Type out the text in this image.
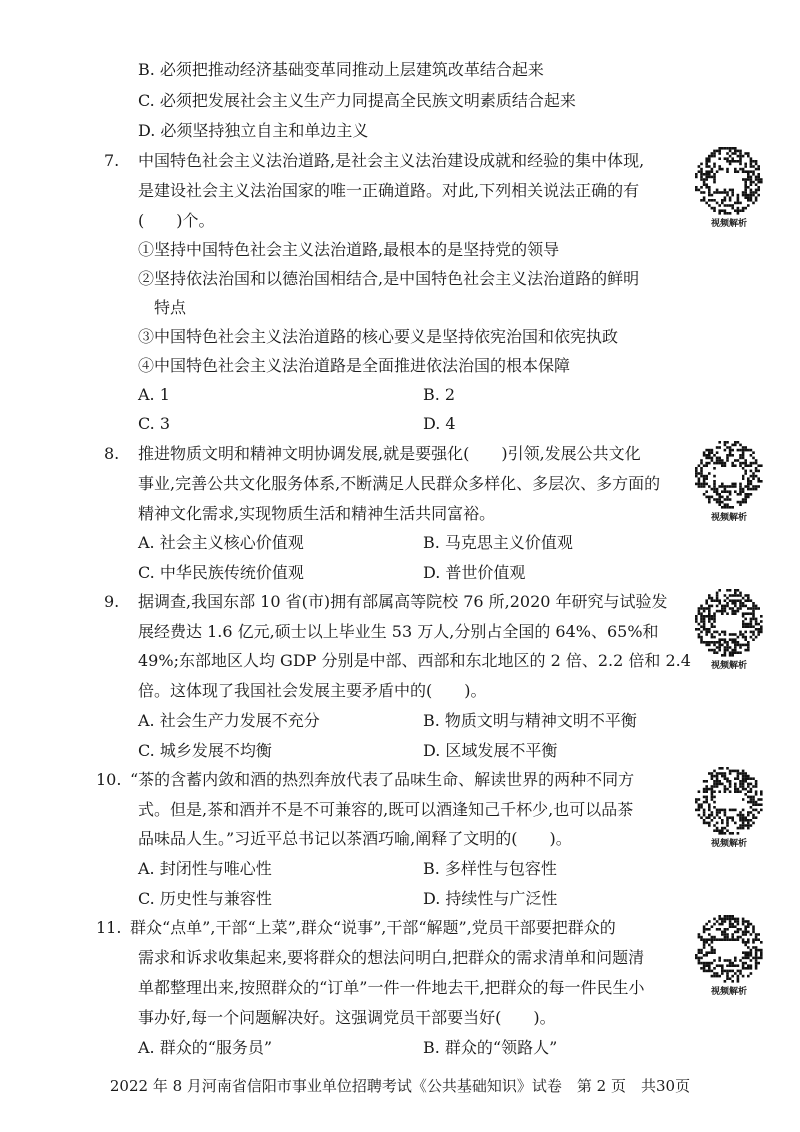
B. 必须把推动经济基础变革同推动上层建筑改革结合起来
C. 必须把发展社会主义生产力同提高全民族文明素质结合起来
D. 必须坚持独立自主和单边主义
7. 中国特色社会主义法治道路,是社会主义法治建设成就和经验的集中体现,
是建设社会主义法治国家的唯一正确道路。对此,下列相关说法正确的有
(　　)个。
①坚持中国特色社会主义法治道路,最根本的是坚持党的领导
②坚持依法治国和以德治国相结合,是中国特色社会主义法治道路的鲜明
特点
③中国特色社会主义法治道路的核心要义是坚持依宪治国和依宪执政
④中国特色社会主义法治道路是全面推进依法治国的根本保障
A. 1	B. 2
C. 3	D. 4
视频解析
8. 推进物质文明和精神文明协调发展,就是要强化(　　)引领,发展公共文化
事业,完善公共文化服务体系,不断满足人民群众多样化、多层次、多方面的
精神文化需求,实现物质生活和精神生活共同富裕。
A. 社会主义核心价值观	B. 马克思主义价值观
C. 中华民族传统价值观	D. 普世价值观
视频解析
9. 据调查,我国东部 10 省(市)拥有部属高等院校 76 所,2020 年研究与试验发
展经费达 1.6 亿元,硕士以上毕业生 53 万人,分别占全国的 64%、65%和
49%;东部地区人均 GDP 分别是中部、西部和东北地区的 2 倍、2.2 倍和 2.4
倍。这体现了我国社会发展主要矛盾中的(　　)。
A. 社会生产力发展不充分	B. 物质文明与精神文明不平衡
C. 城乡发展不均衡	D. 区域发展不平衡
视频解析
10. “茶的含蓄内敛和酒的热烈奔放代表了品味生命、解读世界的两种不同方
式。但是,茶和酒并不是不可兼容的,既可以酒逢知己千杯少,也可以品茶
品味品人生。”习近平总书记以茶酒巧喻,阐释了文明的(　　)。
A. 封闭性与唯心性	B. 多样性与包容性
C. 历史性与兼容性	D. 持续性与广泛性
视频解析
11. 群众“点单”,干部“上菜”,群众“说事”,干部“解题”,党员干部要把群众的
需求和诉求收集起来,要将群众的想法问明白,把群众的需求清单和问题清
单都整理出来,按照群众的“订单”一件一件地去干,把群众的每一件民生小
事办好,每一个问题解决好。这强调党员干部要当好(　　)。
A. 群众的“服务员”	B. 群众的“领路人”
视频解析
2022 年 8 月河南省信阳市事业单位招聘考试《公共基础知识》试卷　第 2 页　共30页
